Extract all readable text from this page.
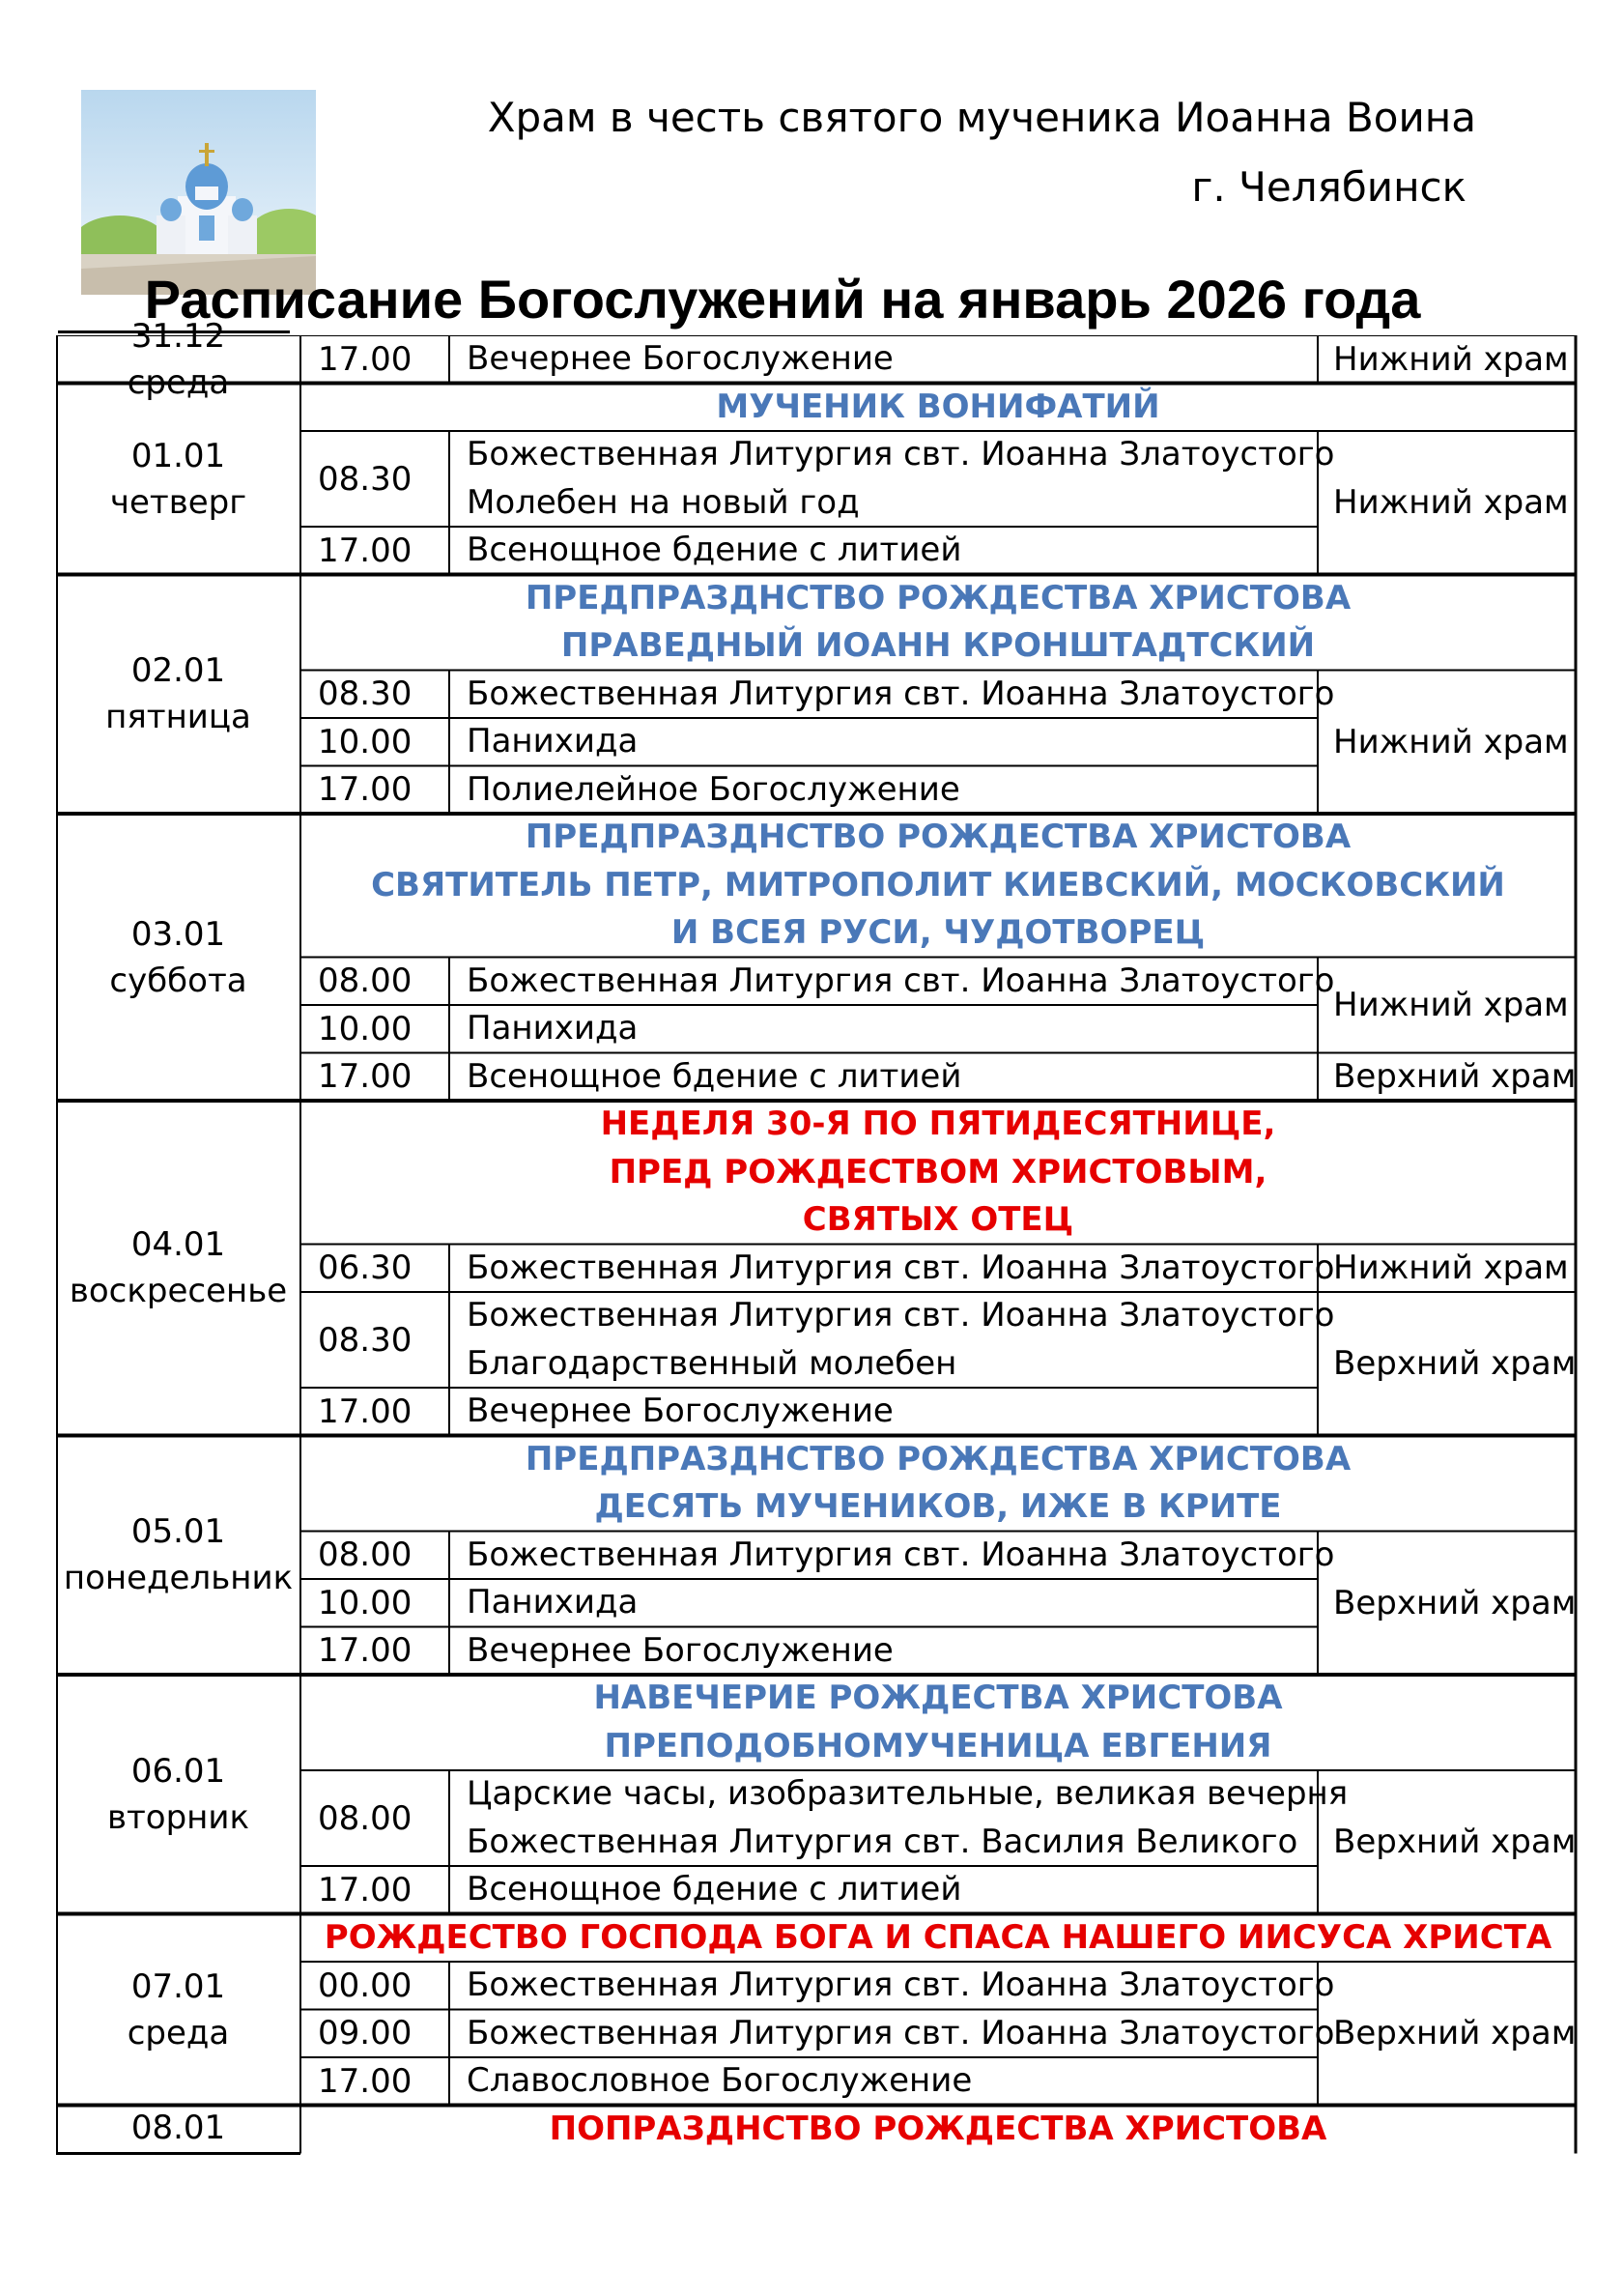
Храм в честь святого мученика Иоанна Воина
г. Челябинск
Расписание Богослужений на январь 2026 года
31.12
среда
17.00 Вечернее Богослужение	Нижний храм
01.01
четверг
МУЧЕНИК ВОНИФАТИЙ
08.30
Божественная Литургия свт. Иоанна Златоустого
Молебен на новый год
17.00 Всенощное бдение с литией
Нижний храм
02.01
пятница
ПРЕДПРАЗДНСТВО РОЖДЕСТВА ХРИСТОВА
ПРАВЕДНЫЙ ИОАНН КРОНШТАДТСКИЙ
08.30 Божественная Литургия свт. Иоанна Златоустого
10.00 Панихида
17.00 Полиелейное Богослужение
Нижний храм
03.01
суббота
ПРЕДПРАЗДНСТВО РОЖДЕСТВА ХРИСТОВА
СВЯТИТЕЛЬ ПЕТР, МИТРОПОЛИТ КИЕВСКИЙ, МОСКОВСКИЙ
И ВСЕЯ РУСИ, ЧУДОТВОРЕЦ
08.00 Божественная Литургия свт. Иоанна Златоустого
10.00 Панихида
17.00 Всенощное бдение с литией
Нижний храм
Верхний храм
04.01
воскресенье
НЕДЕЛЯ 30-Я ПО ПЯТИДЕСЯТНИЦЕ,
ПРЕД РОЖДЕСТВОМ ХРИСТОВЫМ,
СВЯТЫХ ОТЕЦ
06.30 Божественная Литургия свт. Иоанна Златоустого
08.30
Божественная Литургия свт. Иоанна Златоустого
Благодарственный молебен
17.00 Вечернее Богослужение
Нижний храм
Верхний храм
05.01
понедельник
ПРЕДПРАЗДНСТВО РОЖДЕСТВА ХРИСТОВА
ДЕСЯТЬ МУЧЕНИКОВ, ИЖЕ В КРИТЕ
08.00 Божественная Литургия свт. Иоанна Златоустого
10.00 Панихида
17.00 Вечернее Богослужение
Верхний храм
06.01
вторник
НАВЕЧЕРИЕ РОЖДЕСТВА ХРИСТОВА
ПРЕПОДОБНОМУЧЕНИЦА ЕВГЕНИЯ
08.00
Царские часы, изобразительные, великая вечерня
Божественная Литургия свт. Василия Великого
17.00 Всенощное бдение с литией
Верхний храм
07.01
среда
РОЖДЕСТВО ГОСПОДА БОГА И СПАСА НАШЕГО ИИСУСА ХРИСТА
00.00 Божественная Литургия свт. Иоанна Златоустого
09.00 Божественная Литургия свт. Иоанна Златоустого
17.00 Славословное Богослужение
Верхний храм
08.01	ПОПРАЗДНСТВО РОЖДЕСТВА ХРИСТОВА
